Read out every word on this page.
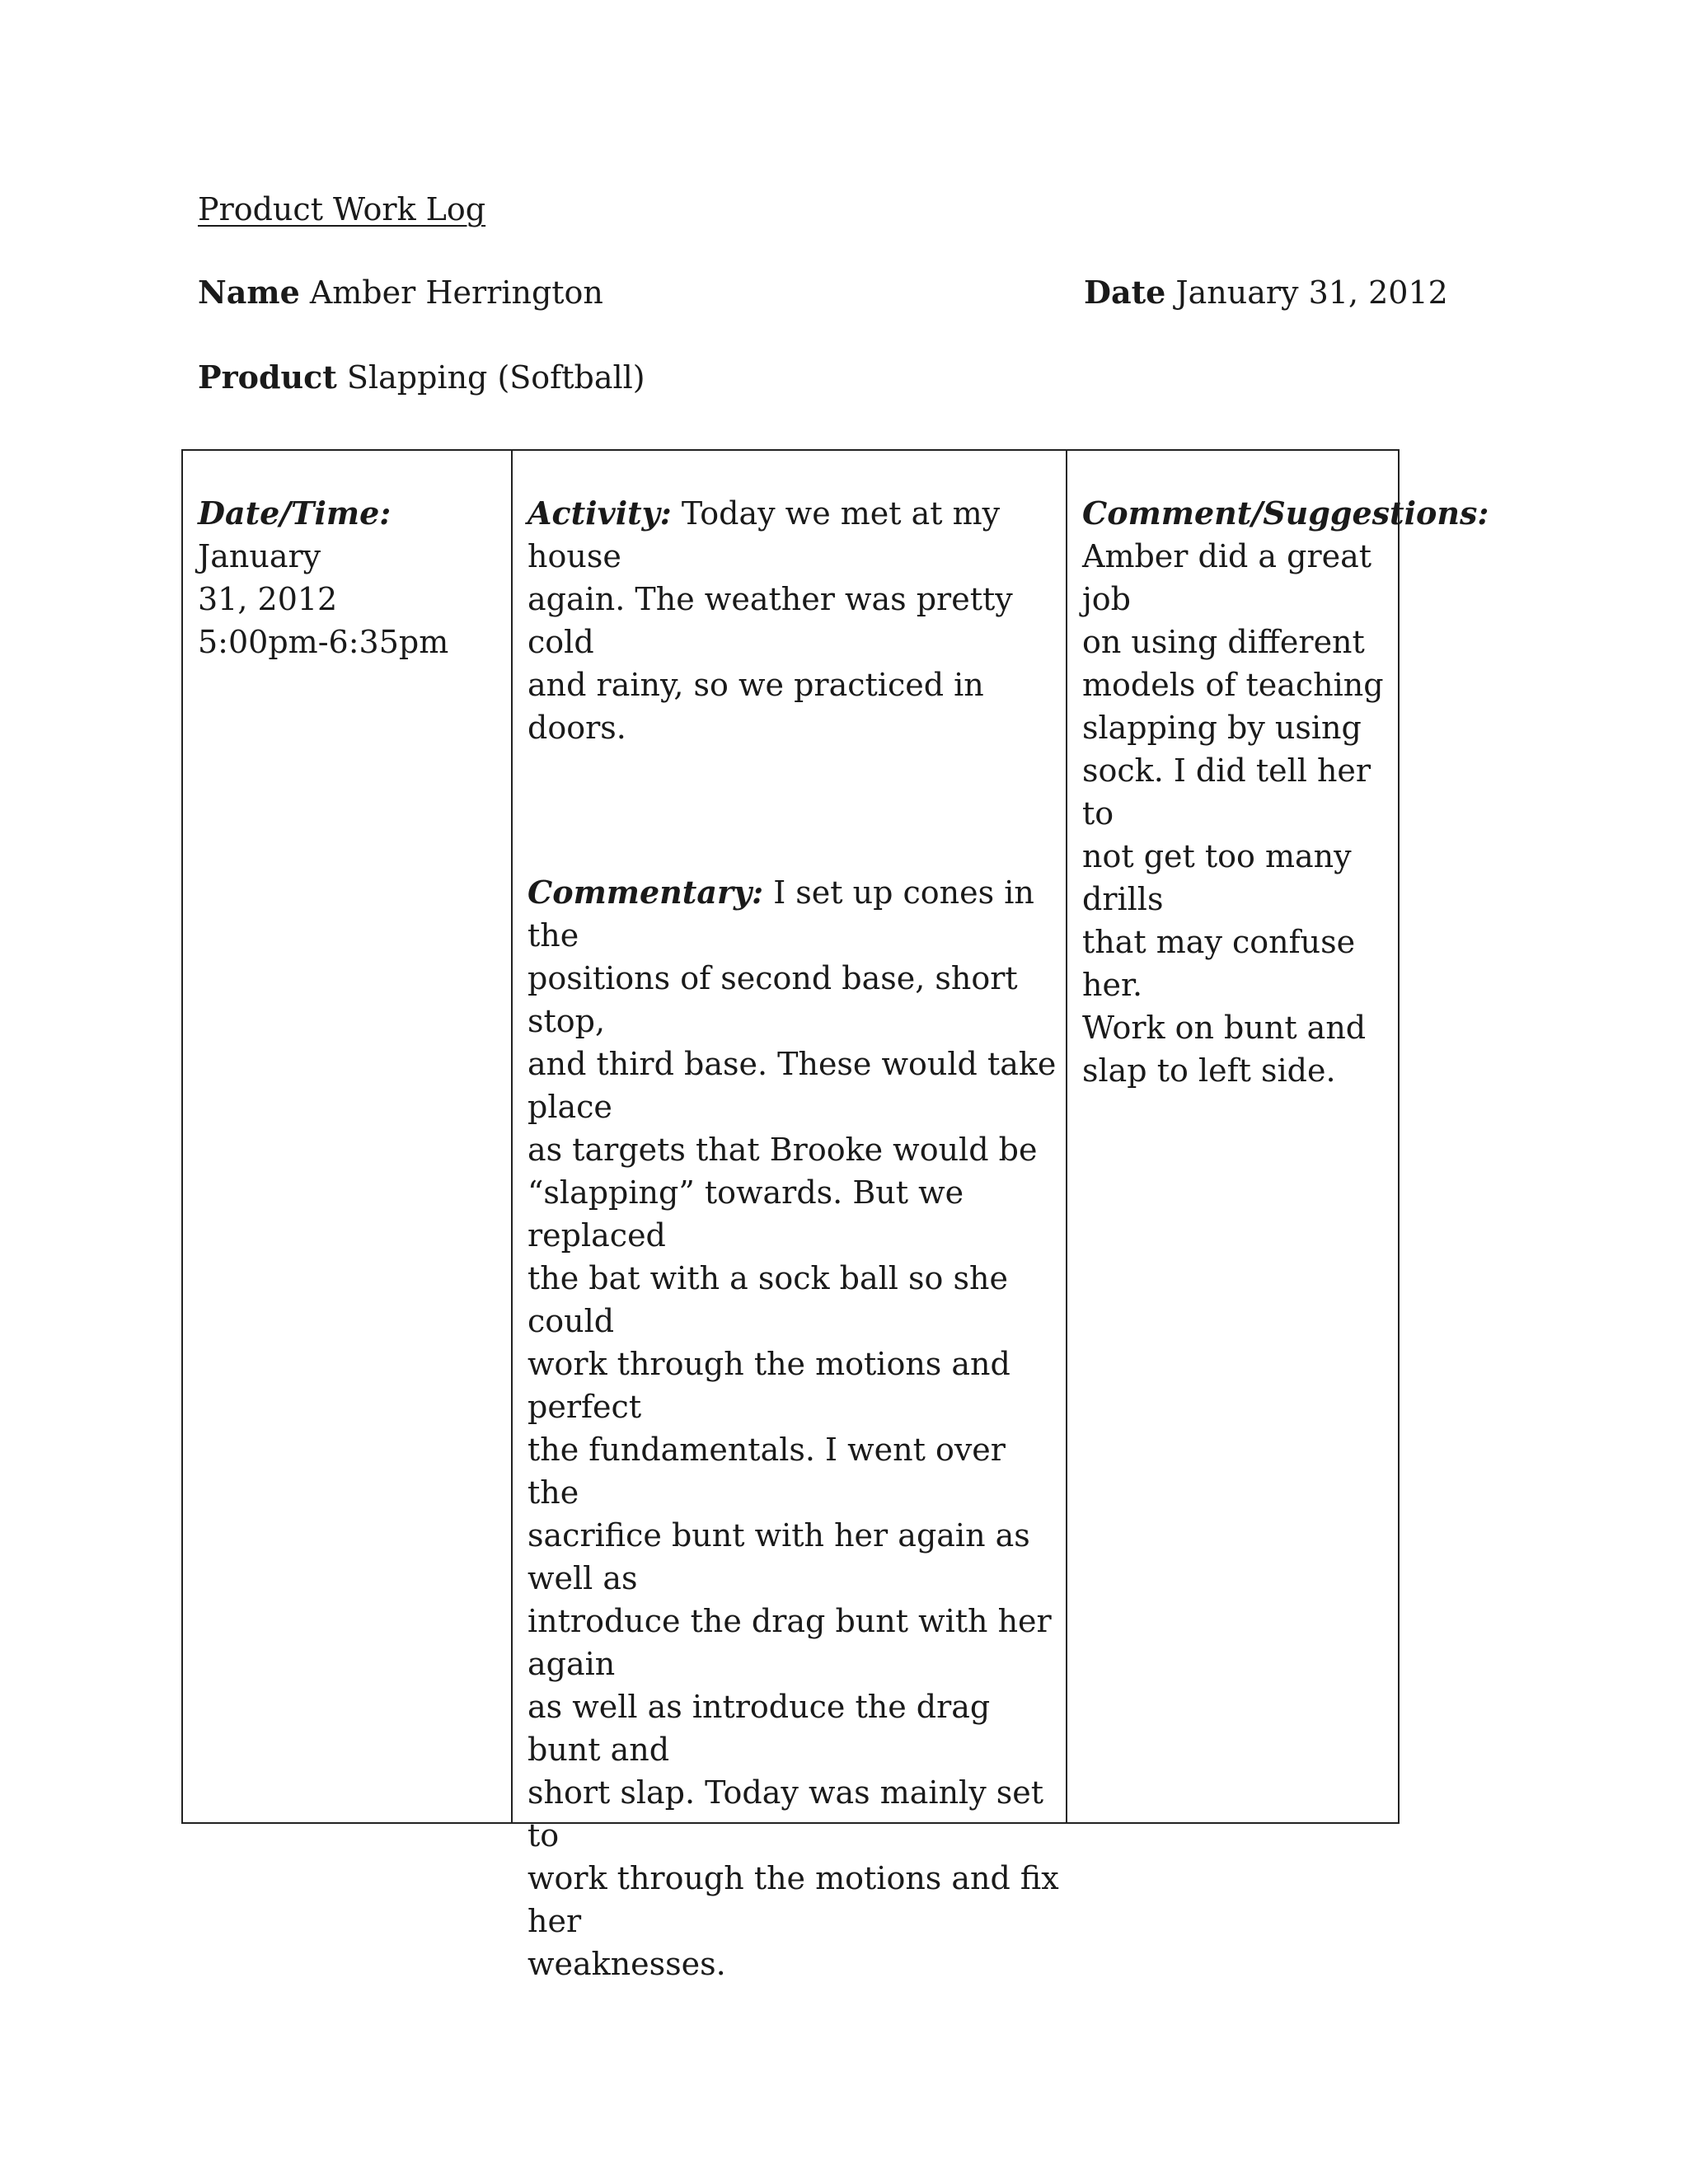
Product Work Log
Name Amber Herrington	Date January 31, 2012
Product Slapping (Softball)
Date/Time: January
31, 2012
5:00pm-6:35pm
Activity: Today we met at my house
again. The weather was pretty cold
and rainy, so we practiced in doors.
Commentary: I set up cones in the
positions of second base, short stop,
and third base. These would take place
as targets that Brooke would be
“slapping” towards. But we replaced
the bat with a sock ball so she could
work through the motions and perfect
the fundamentals. I went over the
sacrifice bunt with her again as well as
introduce the drag bunt with her again
as well as introduce the drag bunt and
short slap. Today was mainly set to
work through the motions and fix her
weaknesses.
Comment/Suggestions:
Amber did a great job
on using different
models of teaching
slapping by using
sock. I did tell her to
not get too many drills
that may confuse her.
Work on bunt and
slap to left side.
